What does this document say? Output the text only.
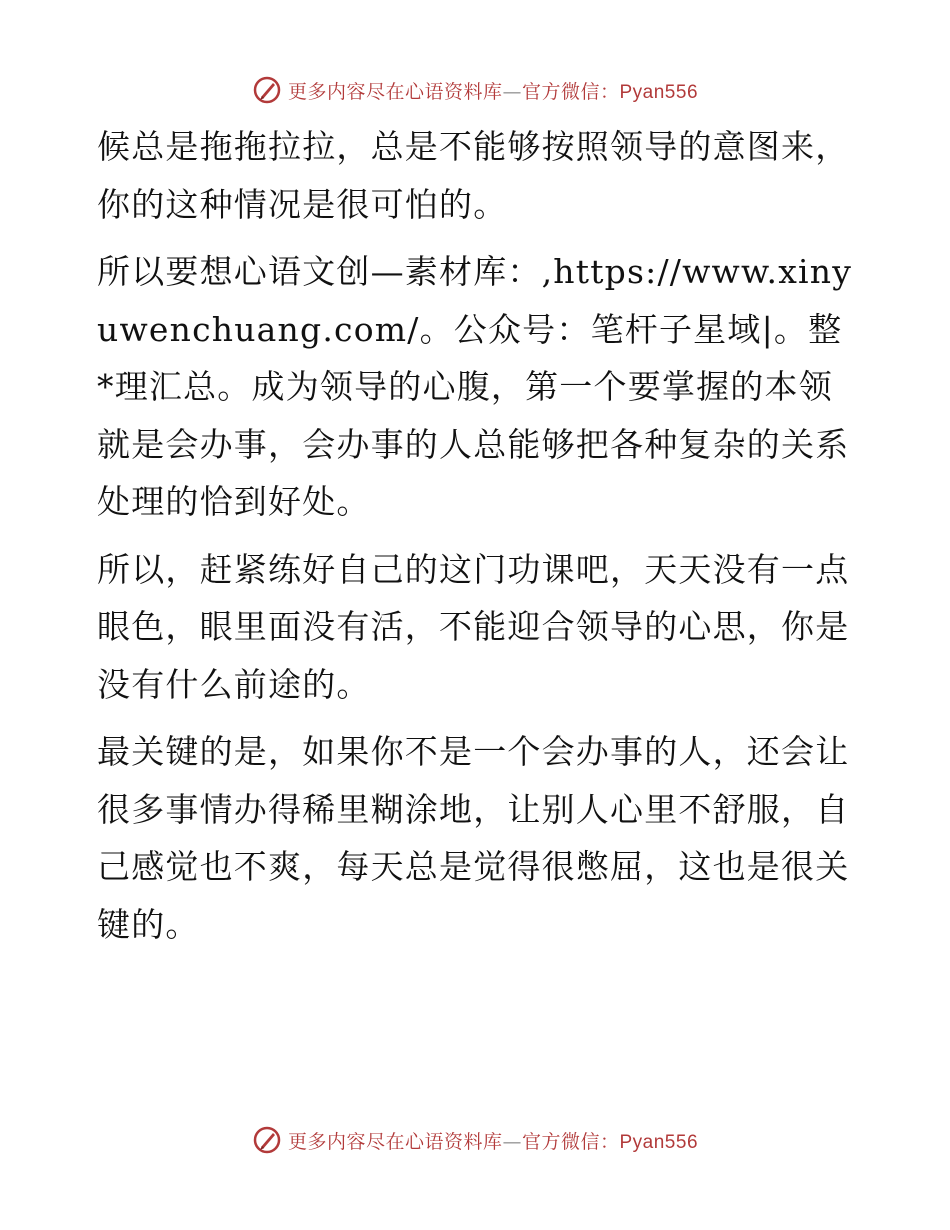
更多内容尽在心语资料库—官方微信：Pyan556

候总是拖拖拉拉，总是不能够按照领导的意图来，你的这种情况是很可怕的。

所以要想心语文创—素材库：,https://www.xinyuwenchuang.com/。公众号：笔杆子星域|。整*理汇总。成为领导的心腹，第一个要掌握的本领就是会办事，会办事的人总能够把各种复杂的关系处理的恰到好处。

所以，赶紧练好自己的这门功课吧，天天没有一点眼色，眼里面没有活，不能迎合领导的心思，你是没有什么前途的。

最关键的是，如果你不是一个会办事的人，还会让很多事情办得稀里糊涂地，让别人心里不舒服，自己感觉也不爽，每天总是觉得很憋屈，这也是很关键的。

更多内容尽在心语资料库—官方微信：Pyan556
